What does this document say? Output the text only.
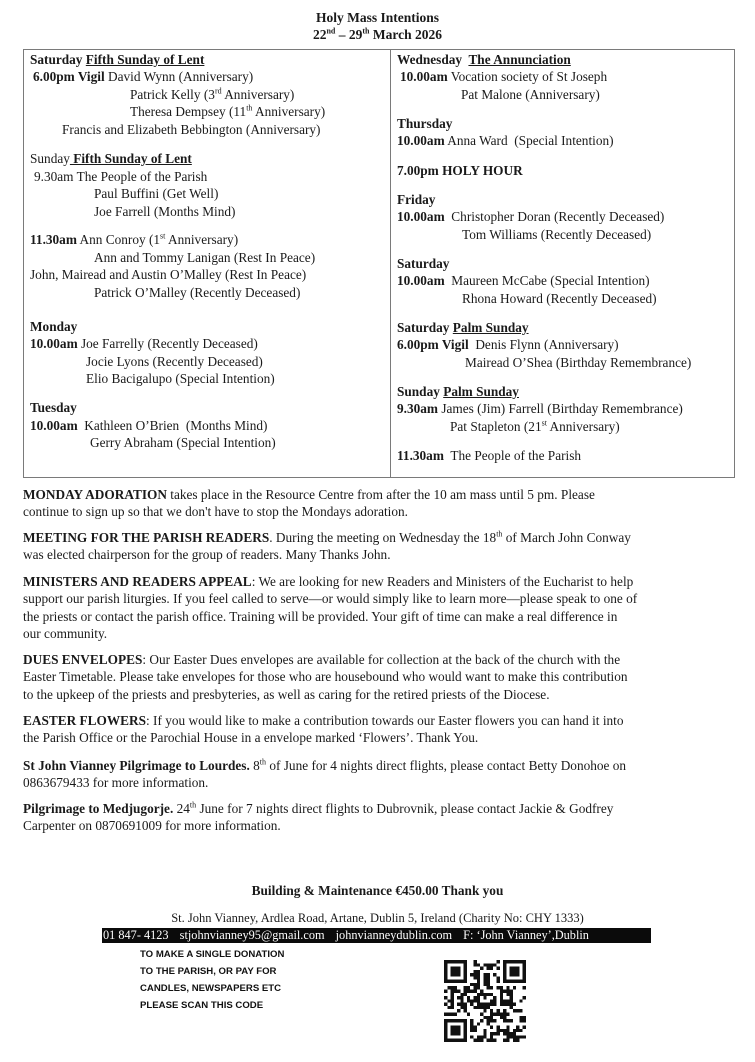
Holy Mass Intentions
22nd – 29th March 2026
Saturday Fifth Sunday of Lent
6.00pm Vigil David Wynn (Anniversary)
Patrick Kelly (3rd Anniversary)
Theresa Dempsey (11th Anniversary)
Francis and Elizabeth Bebbington (Anniversary)
Sunday Fifth Sunday of Lent
9.30am The People of the Parish
Paul Buffini (Get Well)
Joe Farrell (Months Mind)
11.30am Ann Conroy (1st Anniversary)
Ann and Tommy Lanigan (Rest In Peace)
John, Mairead and Austin O’Malley (Rest In Peace)
Patrick O’Malley (Recently Deceased)
Monday
10.00am Joe Farrelly (Recently Deceased)
Jocie Lyons (Recently Deceased)
Elio Bacigalupo (Special Intention)
Tuesday
10.00am  Kathleen O’Brien  (Months Mind)
Gerry Abraham (Special Intention)
Wednesday  The Annunciation
10.00am Vocation society of St Joseph
Pat Malone (Anniversary)
Thursday
10.00am Anna Ward  (Special Intention)
7.00pm HOLY HOUR
Friday
10.00am  Christopher Doran (Recently Deceased)
Tom Williams (Recently Deceased)
Saturday
10.00am  Maureen McCabe (Special Intention)
Rhona Howard (Recently Deceased)
Saturday Palm Sunday
6.00pm Vigil  Denis Flynn (Anniversary)
Mairead O’Shea (Birthday Remembrance)
Sunday Palm Sunday
9.30am James (Jim) Farrell (Birthday Remembrance)
Pat Stapleton (21st Anniversary)
11.30am  The People of the Parish
MONDAY ADORATION takes place in the Resource Centre from after the 10 am mass until 5 pm. Please
continue to sign up so that we don't have to stop the Mondays adoration.
MEETING FOR THE PARISH READERS. During the meeting on Wednesday the 18th of March John Conway
was elected chairperson for the group of readers. Many Thanks John.
MINISTERS AND READERS APPEAL: We are looking for new Readers and Ministers of the Eucharist to help
support our parish liturgies. If you feel called to serve—or would simply like to learn more—please speak to one of
the priests or contact the parish office. Training will be provided. Your gift of time can make a real difference in
our community.
DUES ENVELOPES: Our Easter Dues envelopes are available for collection at the back of the church with the
Easter Timetable. Please take envelopes for those who are housebound who would want to make this contribution
to the upkeep of the priests and presbyteries, as well as caring for the retired priests of the Diocese.
EASTER FLOWERS: If you would like to make a contribution towards our Easter flowers you can hand it into
the Parish Office or the Parochial House in a envelope marked ‘Flowers’. Thank You.
St John Vianney Pilgrimage to Lourdes. 8th of June for 4 nights direct flights, please contact Betty Donohoe on
0863679433 for more information.
Pilgrimage to Medjugorje. 24th June for 7 nights direct flights to Dubrovnik, please contact Jackie & Godfrey
Carpenter on 0870691009 for more information.
Building & Maintenance €450.00 Thank you
St. John Vianney, Ardlea Road, Artane, Dublin 5, Ireland (Charity No: CHY 1333)
01 847- 4123 stjohnvianney95@gmail.com johnvianneydublin.com F: ‘John Vianney’,Dublin
TO MAKE A SINGLE DONATION
TO THE PARISH, OR PAY FOR
CANDLES, NEWSPAPERS ETC
PLEASE SCAN THIS CODE
